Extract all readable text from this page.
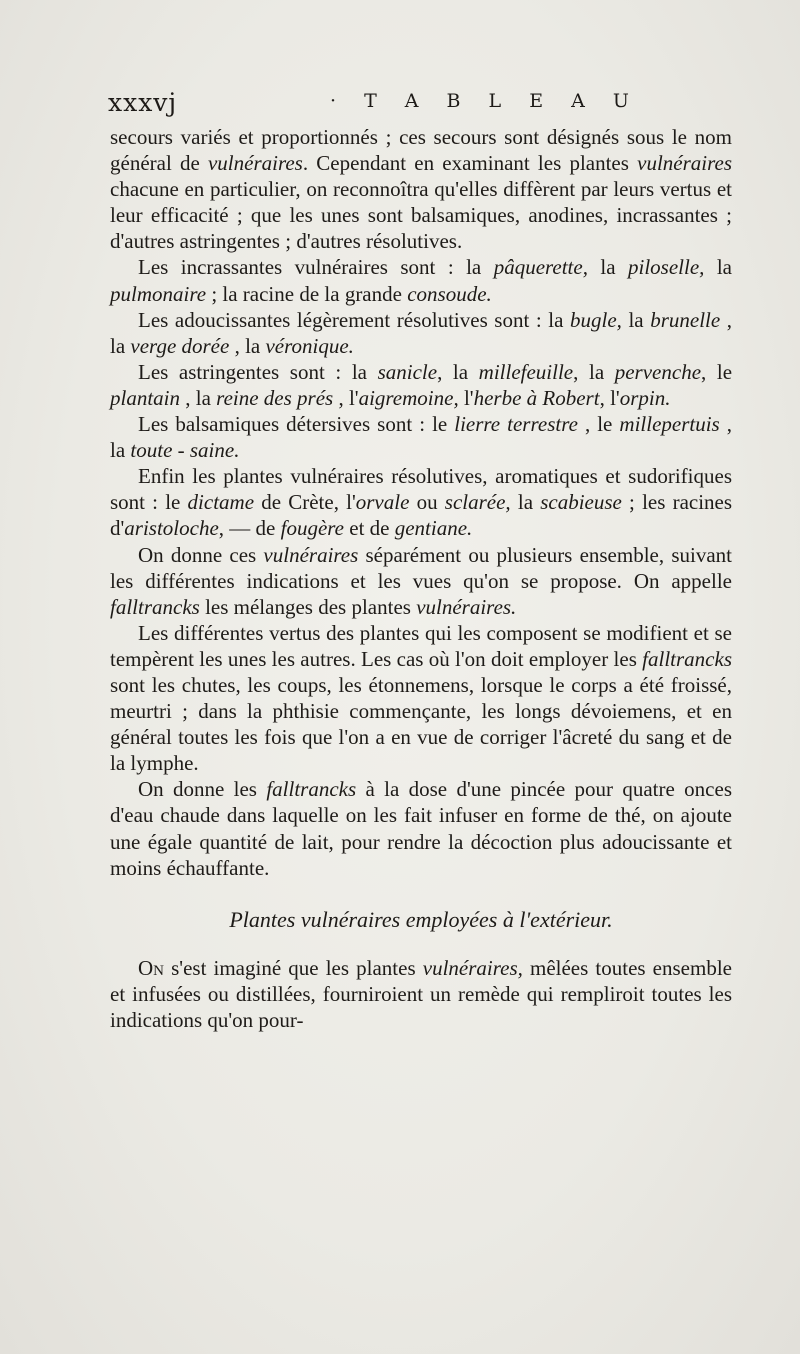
xxxvj	· T A B L E A U

secours variés et proportionnés ; ces secours sont désignés sous le nom général de vulnéraires. Cependant en examinant les plantes vulnéraires chacune en particulier, on reconnoîtra qu'elles diffèrent par leurs vertus et leur efficacité ; que les unes sont balsamiques, anodines, incrassantes ; d'autres astringentes ; d'autres résolutives.

Les incrassantes vulnéraires sont : la pâquerette, la piloselle, la pulmonaire ; la racine de la grande consoude.

Les adoucissantes légèrement résolutives sont : la bugle, la brunelle , la verge dorée , la véronique.

Les astringentes sont : la sanicle, la millefeuille, la pervenche, le plantain , la reine des prés , l'aigremoine, l'herbe à Robert, l'orpin.

Les balsamiques détersives sont : le lierre terrestre , le millepertuis , la toute - saine.

Enfin les plantes vulnéraires résolutives, aromatiques et sudorifiques sont : le dictame de Crète, l'orvale ou sclarée, la scabieuse ; les racines d'aristoloche, — de fougère et de gentiane.

On donne ces vulnéraires séparément ou plusieurs ensemble, suivant les différentes indications et les vues qu'on se propose. On appelle falltrancks les mélanges des plantes vulnéraires.

Les différentes vertus des plantes qui les composent se modifient et se tempèrent les unes les autres. Les cas où l'on doit employer les falltrancks sont les chutes, les coups, les étonnemens, lorsque le corps a été froissé, meurtri ; dans la phthisie commençante, les longs dévoiemens, et en général toutes les fois que l'on a en vue de corriger l'âcreté du sang et de la lymphe.

On donne les falltrancks à la dose d'une pincée pour quatre onces d'eau chaude dans laquelle on les fait infuser en forme de thé, on ajoute une égale quantité de lait, pour rendre la décoction plus adoucissante et moins échauffante.

Plantes vulnéraires employées à l'extérieur.

On s'est imaginé que les plantes vulnéraires, mêlées toutes ensemble et infusées ou distillées, fourniroient un remède qui rempliroit toutes les indications qu'on pour-
